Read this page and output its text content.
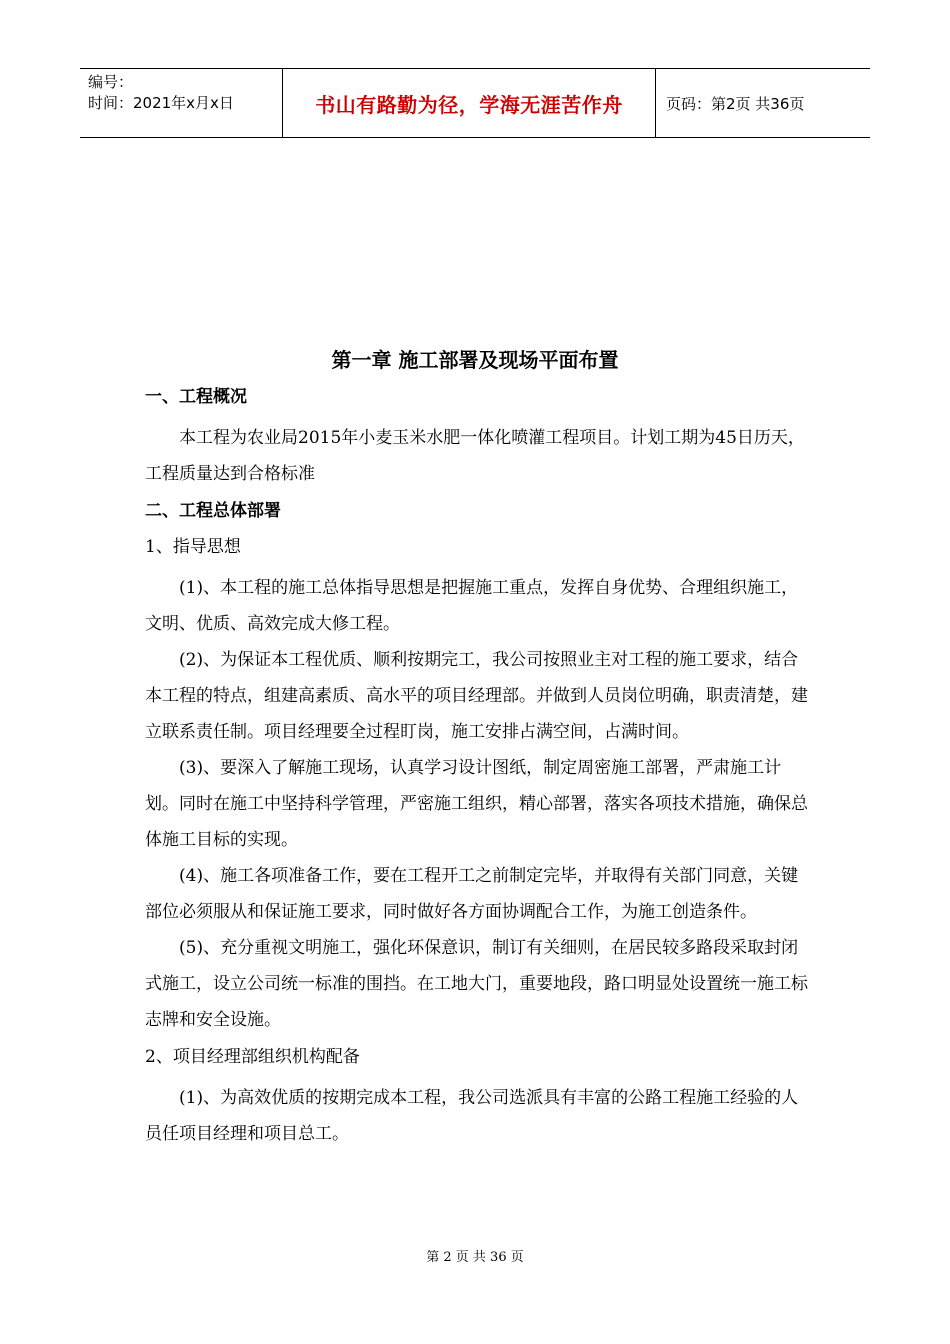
编号：
时间：2021年x月x日	书山有路勤为径，学海无涯苦作舟	页码：第2页 共36页
第一章 施工部署及现场平面布置
一、工程概况
本工程为农业局2015年小麦玉米水肥一体化喷灌工程项目。计划工期为45日历天，工程质量达到合格标准
二、工程总体部署
1、指导思想
(1)、本工程的施工总体指导思想是把握施工重点，发挥自身优势、合理组织施工，文明、优质、高效完成大修工程。
(2)、为保证本工程优质、顺利按期完工，我公司按照业主对工程的施工要求，结合本工程的特点，组建高素质、高水平的项目经理部。并做到人员岗位明确，职责清楚，建立联系责任制。项目经理要全过程盯岗，施工安排占满空间，占满时间。
(3)、要深入了解施工现场，认真学习设计图纸，制定周密施工部署，严肃施工计划。同时在施工中坚持科学管理，严密施工组织，精心部署，落实各项技术措施，确保总体施工目标的实现。
(4)、施工各项准备工作，要在工程开工之前制定完毕，并取得有关部门同意，关键部位必须服从和保证施工要求，同时做好各方面协调配合工作，为施工创造条件。
(5)、充分重视文明施工，强化环保意识，制订有关细则，在居民较多路段采取封闭式施工，设立公司统一标准的围挡。在工地大门，重要地段，路口明显处设置统一施工标志牌和安全设施。
2、项目经理部组织机构配备
(1)、为高效优质的按期完成本工程，我公司选派具有丰富的公路工程施工经验的人员任项目经理和项目总工。
第 2 页 共 36 页
